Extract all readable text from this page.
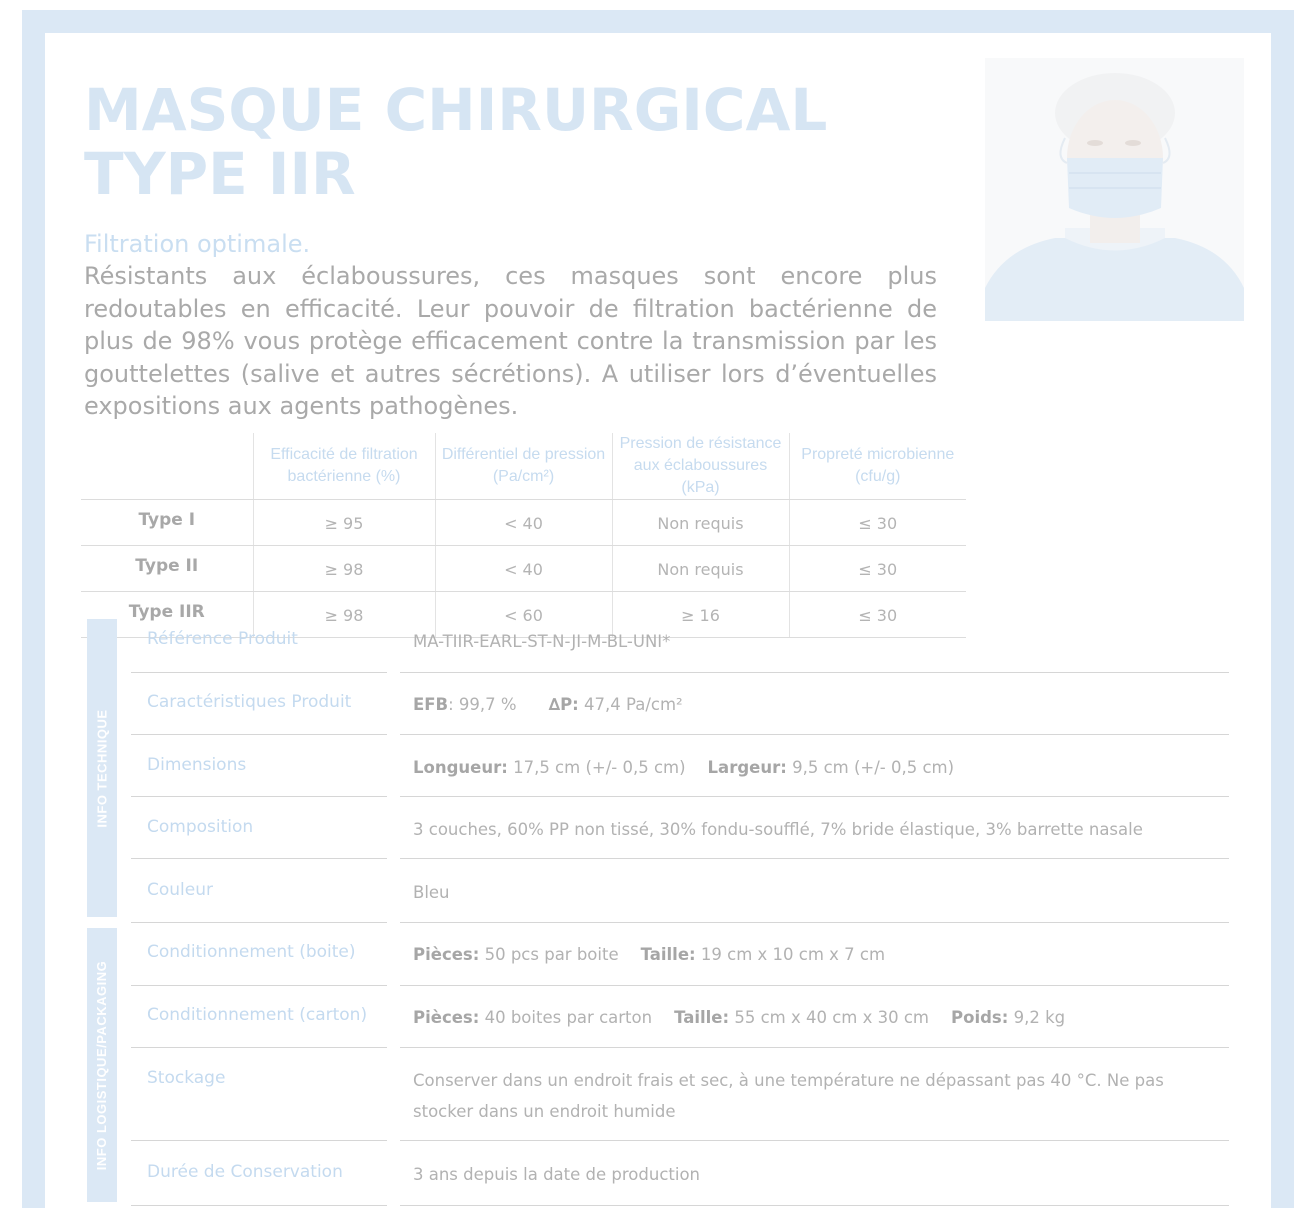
MASQUE CHIRURGICAL
TYPE IIR
Filtration optimale.

Résistants aux éclaboussures, ces masques sont encore plus redoutables en efficacité. Leur pouvoir de filtration bactérienne de plus de 98% vous protège efficacement contre la transmission par les gouttelettes (salive et autres sécrétions). A utiliser lors d’éventuelles expositions aux agents pathogènes.

	Efficacité de filtration bactérienne (%)	Différentiel de pression (Pa/cm²)	Pression de résistance aux éclaboussures (kPa)	Propreté microbienne (cfu/g)
Type I	≥ 95	< 40	Non requis	≤ 30
Type II	≥ 98	< 40	Non requis	≤ 30
Type IIR	≥ 98	< 60	≥ 16	≤ 30
INFO TECHNIQUE
INFO LOGISTIQUE/PACKAGING
Référence Produit	MA-TIIR-EARL-ST-N-JI-M-BL-UNI*
Caractéristiques Produit	EFB: 99,7 % ∆P: 47,4 Pa/cm²
Dimensions	Longueur: 17,5 cm (+/- 0,5 cm) Largeur: 9,5 cm (+/- 0,5 cm)
Composition	3 couches, 60% PP non tissé, 30% fondu-soufflé, 7% bride élastique, 3% barrette nasale
Couleur	Bleu
Conditionnement (boite)	Pièces: 50 pcs par boite Taille: 19 cm x 10 cm x 7 cm
Conditionnement (carton)	Pièces: 40 boites par carton Taille: 55 cm x 40 cm x 30 cm Poids: 9,2 kg
Stockage	Conserver dans un endroit frais et sec, à une température ne dépassant pas 40 °C. Ne pas stocker dans un endroit humide
Durée de Conservation	3 ans depuis la date de production
